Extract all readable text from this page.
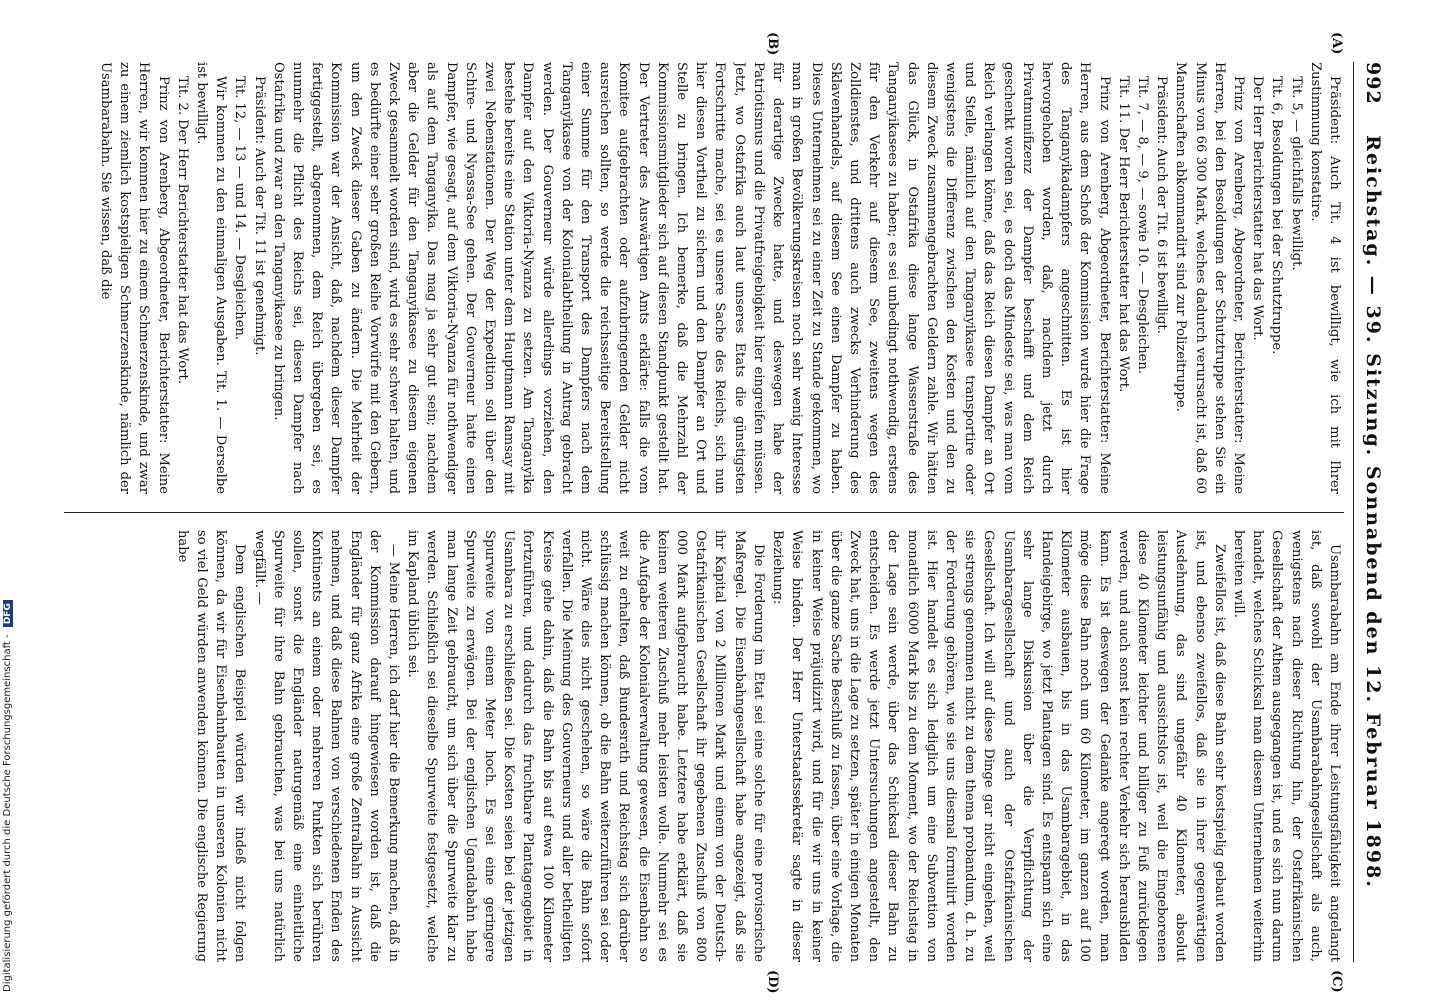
992
Reichstag. — 39. Sitzung. Sonnabend den 12. Februar 1898.
(A)
(B)
(C)
(D)

Präsident: Auch Tit. 4 ist bewilligt, wie ich mit Ihrer Zustimmung konstatire.

Tit. 5, — gleichfalls bewilligt.

Tit. 6, Besoldungen bei der Schutztruppe.

Der Herr Berichterstatter hat das Wort.

Prinz von Arenberg, Abgeordneter, Berichterstatter: Meine Herren, bei den Besoldungen der Schutztruppe stehen Sie ein Minus von 66 300 Mark, welches dadurch verursacht ist, daß 60 Mannschaften abkommandirt sind zur Polizeitruppe.

Präsident: Auch der Tit. 6 ist bewilligt.

Tit. 7, — 8, — 9, — sowie 10. — Desgleichen.

Tit. 11. Der Herr Berichterstatter hat das Wort.

Prinz von Arenberg, Abgeordneter, Berichterstatter: Meine Herren, aus dem Schoß der Kommission wurde hier die Frage des Tanganyikadampfers angeschnitten. Es ist hier hervorgehoben worden, daß, nachdem jetzt durch Privatmunifizenz der Dampfer beschafft und dem Reich geschenkt worden sei, es doch das Mindeste sei, was man vom Reich verlangen könne, daß das Reich diesen Dampfer an Ort und Stelle, nämlich auf den Tanganyikasee transportire oder wenigstens die Differenz zwischen den Kosten und den zu diesem Zweck zusammengebrachten Geldern zahle. Wir hätten das Glück, in Ostafrika diese lange Wasserstraße des Tanganyikasees zu haben; es sei unbedingt nothwendig, erstens für den Verkehr auf diesem See, zweitens wegen des Zolldienstes, und drittens auch zwecks Verhinderung des Sklavenhandels, auf diesem See einen Dampfer zu haben. Dieses Unternehmen sei zu einer Zeit zu Stande gekommen, wo man in großen Bevölkerungskreisen noch sehr wenig Interesse für derartige Zwecke hatte, und deswegen habe der Patriotismus und die Privatfreigebigkeit hier eingreifen müssen. Jetzt, wo Ostafrika auch laut unseres Etats die günstigsten Fortschritte mache, sei es unsere Sache des Reichs, sich nun hier diesen Vortheil zu sichern und den Dampfer an Ort und Stelle zu bringen. Ich bemerke, daß die Mehrzahl der Kommissionsmitglieder sich auf diesen Standpunkt gestellt hat. Der Vertreter des Auswärtigen Amts erklärte: falls die vom Komitee aufgebrachten oder aufzubringenden Gelder nicht ausreichen sollten, so werde die reichsseitige Bereitstellung einer Summe für den Transport des Dampfers nach dem Tanganyikasee von der Kolonialabtheilung in Antrag gebracht werden. Der Gouverneur würde allerdings vorziehen, den Dampfer auf den Viktoria-Nyanza zu setzen. Am Tanganyika bestehe bereits eine Station unter dem Hauptmann Ramsay mit zwei Nebenstationen. Der Weg der Expedition soll über den Schire- und Nyassa-See gehen. Der Gouverneur hatte einen Dampfer, wie gesagt, auf dem Viktoria-Nyanza für nothwendiger als auf dem Tanganyika. Das mag ja sehr gut sein; nachdem aber die Gelder für den Tanganyikasee zu diesem eigenen Zweck gesammelt worden sind, wird es sehr schwer halten, und es bedürfte einer sehr großen Reihe Vorwürfe mit den Gebern, um den Zweck dieser Gaben zu ändern. Die Mehrheit der Kommission war der Ansicht, daß, nachdem dieser Dampfer fertiggestellt, abgenommen, dem Reich übergeben sei, es nunmehr die Pflicht des Reichs sei, diesen Dampfer nach Ostafrika und zwar an den Tanganyikasee zu bringen.

Präsident: Auch der Tit. 11 ist genehmigt.

Tit. 12, — 13 — und 14. — Desgleichen.

Wir kommen zu den einmaligen Ausgaben. Tit. 1. — Derselbe ist bewilligt.

Tit. 2. Der Herr Berichterstatter hat das Wort.

Prinz von Arenberg, Abgeordneter, Berichterstatter: Meine Herren, wir kommen hier zu einem Schmerzenskinde, und zwar zu einem ziemlich kostspieligen Schmerzenskinde, nämlich der Usambarabahn. Sie wissen, daß die

Usambarabahn am Ende ihrer Leistungsfähigkeit angelangt ist, daß sowohl der Usambarabahngesellschaft als auch, wenigstens nach dieser Richtung hin, der Ostafrikanischen Gesellschaft der Athem ausgegangen ist, und es sich nun darum handelt, welches Schicksal man diesem Unternehmen weiterhin bereiten will.

Zweifellos ist, daß diese Bahn sehr kostspielig gebaut worden ist, und ebenso zweifellos, daß sie in ihrer gegenwärtigen Ausdehnung, das sind ungefähr 40 Kilometer, absolut leistungsunfähig und aussichtslos ist, weil die Eingeborenen diese 40 Kilometer leichter und billiger zu Fuß zurücklegen werden, und auch sonst kein rechter Verkehr sich herausbilden kann. Es ist deswegen der Gedanke angeregt worden, man möge diese Bahn noch um 60 Kilometer, im ganzen auf 100 Kilometer ausbauen, bis in das Usambaragebiet, in das Handeigebirge, wo jetzt Plantagen sind. Es entspann sich eine sehr lange Diskussion über die Verpflichtung der Usambaragesellschaft und auch der Ostafrikanischen Gesellschaft. Ich will auf diese Dinge gar nicht eingehen, weil sie strengs genommen nicht zu dem thema probandum, d. h. zu der Forderung gehören, wie sie uns diesmal formulirt worden ist. Hier handelt es sich lediglich um eine Subvention von monatlich 6000 Mark bis zu dem Moment, wo der Reichstag in der Lage sein werde, über das Schicksal dieser Bahn zu entscheiden. Es werde jetzt Untersuchungen angestellt, den Zweck hat, uns in die Lage zu setzen, später in einigen Monaten über die ganze Sache Beschluß zu fassen, über eine Vorlage, die in keiner Weise präjudizirt wird, und für die wir uns in keiner Weise binden. Der Herr Unterstaatssekretär sagte in dieser Beziehung:

Die Forderung im Etat sei eine solche für eine provisorische Maßregel. Die Eisenbahngesellschaft habe angezeigt, daß sie ihr Kapital von 2 Millionen Mark und einem von der Deutsch-Ostafrikanischen Gesellschaft ihr gegebenen Zuschuß von 800 000 Mark aufgebraucht habe. Letztere habe erklärt, daß sie keinen weiteren Zuschuß mehr leisten wolle. Nunmehr sei es die Aufgabe der Kolonialverwaltung gewesen, die Eisenbahn so weit zu erhalten, daß Bundesrath und Reichstag sich darüber schlüssig machen können, ob die Bahn weiterzuführen sei oder nicht. Wäre dies nicht geschehen, so wäre die Bahn sofort verfallen. Die Meinung des Gouverneurs und aller betheiligten Kreise gehe dahin, daß die Bahn bis auf etwa 100 Kilometer fortzuführen, und dadurch das fruchtbare Plantagengebiet in Usambara zu erschließen sei. Die Kosten seien bei der jetzigen Spurweite von einem Meter hoch. Es sei eine geringere Spurweite zu erwägen. Bei der englischen Ugandabahn habe man lange Zeit gebraucht, um sich über die Spurweite klar zu werden. Schließlich sei dieselbe Spurweite festgesetzt, welche im Kapland üblich sei.

— Meine Herren, ich darf hier die Bemerkung machen, daß in der Kommission darauf hingewiesen worden ist, daß die Engländer für ganz Afrika eine große Zentralbahn in Aussicht nehmen, und daß diese Bahnen von verschiedenen Enden des Kontinents an einem oder mehreren Punkten sich berühren sollen, sonst die Engländer naturgemäß eine einheitliche Spurweite für ihre Bahn gebrauchen, was bei uns natürlich wegfällt. —

Dem englischen Beispiel würden wir indeß nicht folgen können, da wir für Eisenbahnbauten in unseren Kolonien nicht so viel Geld würden anwenden können. Die englische Regierung habe

Digitalisierung gefördert durch die Deutsche Forschungsgemeinschaft - DFG
